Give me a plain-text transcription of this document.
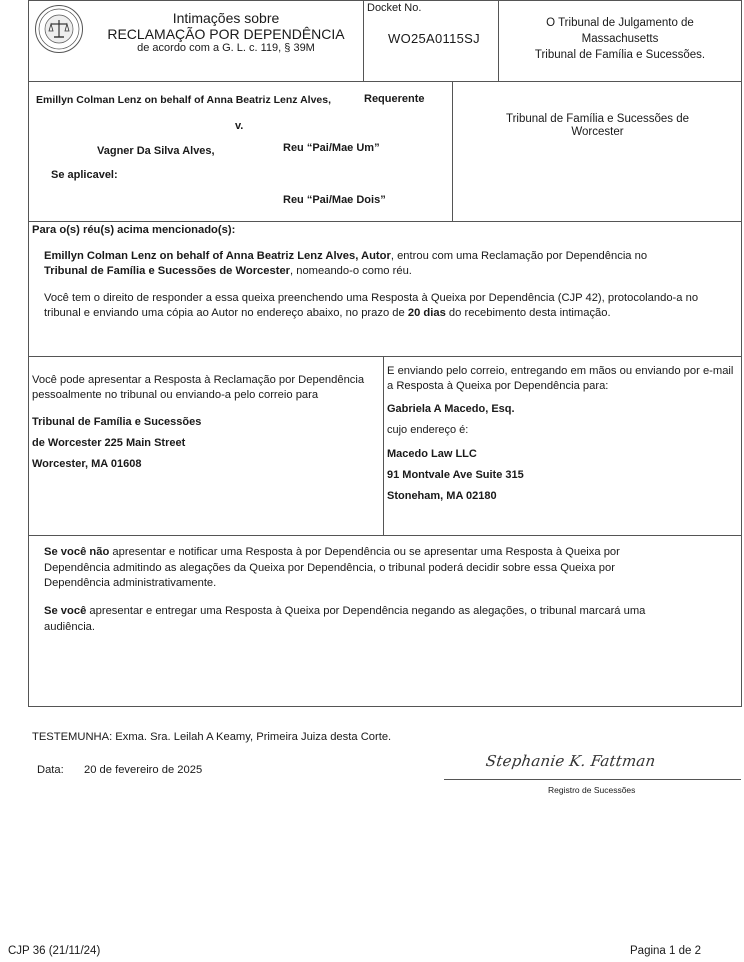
Intimações sobre
RECLAMAÇÃO POR DEPENDÊNCIA
de acordo com a G. L. c. 119, § 39M
Docket No.
WO25A0115SJ
O Tribunal de Julgamento de
Massachusetts
Tribunal de Família e Sucessões.
Emillyn Colman Lenz on behalf of Anna Beatriz Lenz Alves,	Requerente
v.
Vagner Da Silva Alves,	Reu “Pai/Mae Um”
Se aplicavel:
Reu “Pai/Mae Dois”
Tribunal de Família e Sucessões de
Worcester
Para o(s) réu(s) acima mencionado(s):

Emillyn Colman Lenz on behalf of Anna Beatriz Lenz Alves, Autor, entrou com uma Reclamação por Dependência no

Tribunal de Família e Sucessões de Worcester, nomeando-o como réu.

Você tem o direito de responder a essa queixa preenchendo uma Resposta à Queixa por Dependência (CJP 42), protocolando-a no

tribunal e enviando uma cópia ao Autor no endereço abaixo, no prazo de 20 dias do recebimento desta intimação.

Você pode apresentar a Resposta à Reclamação por Dependência

pessoalmente no tribunal ou enviando-a pelo correio para

Tribunal de Família e Sucessões
de Worcester 225 Main Street
Worcester, MA 01608

E enviando pelo correio, entregando em mãos ou enviando por e-mail

a Resposta à Queixa por Dependência para:

Gabriela A Macedo, Esq.
cujo endereço é:
Macedo Law LLC
91 Montvale Ave Suite 315
Stoneham, MA 02180

Se você não apresentar e notificar uma Resposta à por Dependência ou se apresentar uma Resposta à Queixa por

Dependência admitindo as alegações da Queixa por Dependência, o tribunal poderá decidir sobre essa Queixa por

Dependência administrativamente.

Se você apresentar e entregar uma Resposta à Queixa por Dependência negando as alegações, o tribunal marcará uma

audiência.

TESTEMUNHA: Exma. Sra. Leilah A Keamy, Primeira Juiza desta Corte.
Data: 20 de fevereiro de 2025	Stephanie K. Fattman
Registro de Sucessões
CJP 36 (21/11/24)	Pagina 1 de 2
